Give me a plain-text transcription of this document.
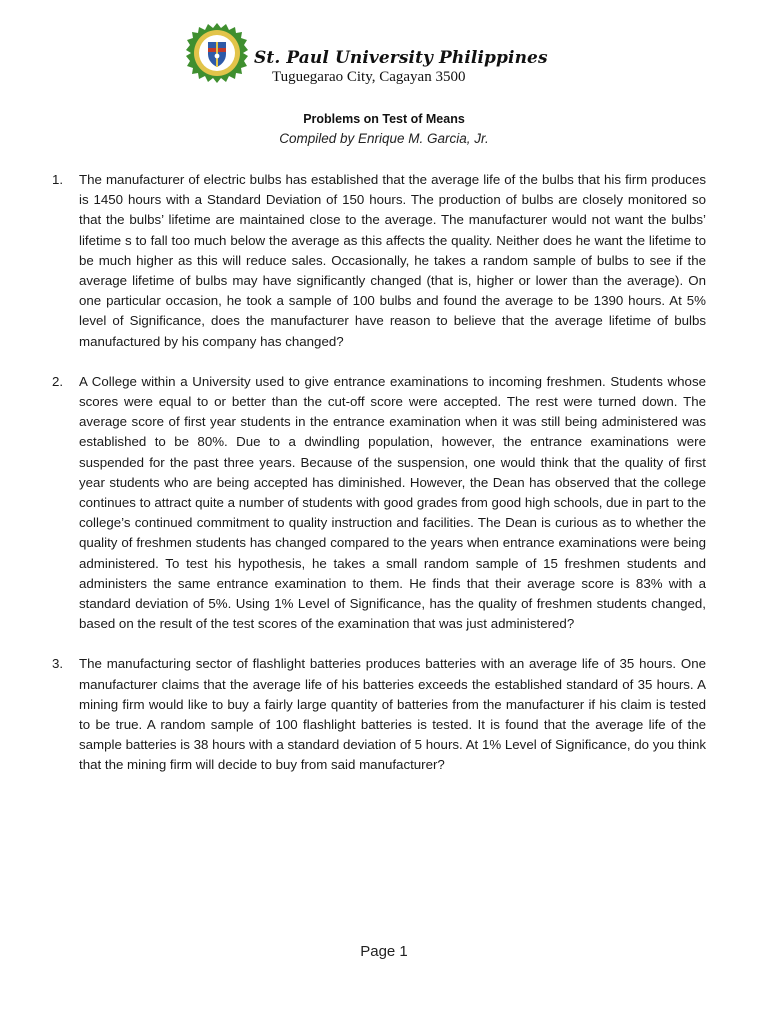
St. Paul University Philippines
Tuguegarao City, Cagayan 3500
Problems on Test of Means
Compiled by Enrique M. Garcia, Jr.
1. The manufacturer of electric bulbs has established that the average life of the bulbs that his firm produces is 1450 hours with a Standard Deviation of 150 hours. The production of bulbs are closely monitored so that the bulbs’ lifetime are maintained close to the average. The manufacturer would not want the bulbs’ lifetime s to fall too much below the average as this affects the quality. Neither does he want the lifetime to be much higher as this will reduce sales. Occasionally, he takes a random sample of bulbs to see if the average lifetime of bulbs may have significantly changed (that is, higher or lower than the average). On one particular occasion, he took a sample of 100 bulbs and found the average to be 1390 hours. At 5% level of Significance, does the manufacturer have reason to believe that the average lifetime of bulbs manufactured by his company has changed?
2. A College within a University used to give entrance examinations to incoming freshmen. Students whose scores were equal to or better than the cut-off score were accepted. The rest were turned down. The average score of first year students in the entrance examination when it was still being administered was established to be 80%. Due to a dwindling population, however, the entrance examinations were suspended for the past three years. Because of the suspension, one would think that the quality of first year students who are being accepted has diminished. However, the Dean has observed that the college continues to attract quite a number of students with good grades from good high schools, due in part to the college’s continued commitment to quality instruction and facilities. The Dean is curious as to whether the quality of freshmen students has changed compared to the years when entrance examinations were being administered. To test his hypothesis, he takes a small random sample of 15 freshmen students and administers the same entrance examination to them. He finds that their average score is 83% with a standard deviation of 5%. Using 1% Level of Significance, has the quality of freshmen students changed, based on the result of the test scores of the examination that was just administered?
3. The manufacturing sector of flashlight batteries produces batteries with an average life of 35 hours. One manufacturer claims that the average life of his batteries exceeds the established standard of 35 hours. A mining firm would like to buy a fairly large quantity of batteries from the manufacturer if his claim is tested to be true. A random sample of 100 flashlight batteries is tested. It is found that the average life of the sample batteries is 38 hours with a standard deviation of 5 hours. At 1% Level of Significance, do you think that the mining firm will decide to buy from said manufacturer?
Page 1
